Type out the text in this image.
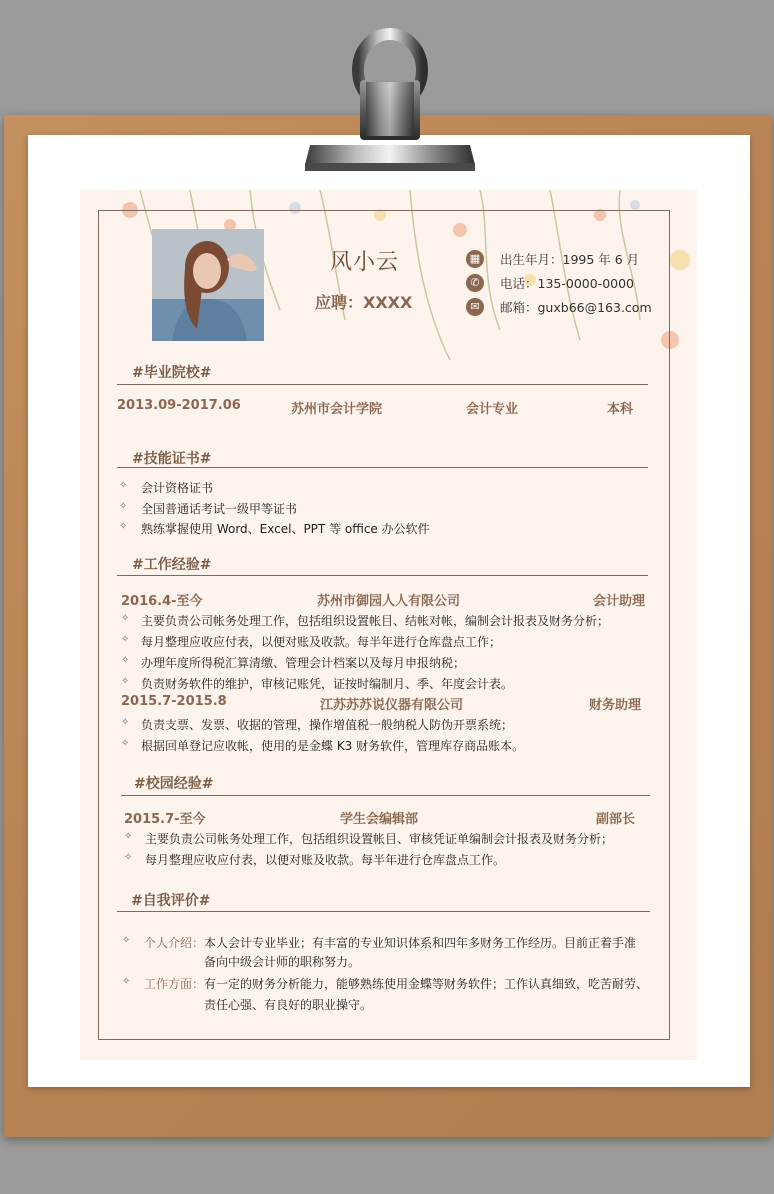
风小云
应聘：XXXX
▦	出生年月：1995 年 6 月
✆	电话：135-0000-0000
✉	邮箱：guxb66@163.com
#毕业院校#
2013.09-2017.06	苏州市会计学院	会计专业	本科
#技能证书#
✧ 会计资格证书
✧ 全国普通话考试一级甲等证书
✧ 熟练掌握使用 Word、Excel、PPT 等 office 办公软件
#工作经验#
2016.4-至今	苏州市御园人人有限公司	会计助理
✧ 主要负责公司帐务处理工作，包括组织设置帐目、结帐对帐，编制会计报表及财务分析；
✧ 每月整理应收应付表，以便对账及收款。每半年进行仓库盘点工作；
✧ 办理年度所得税汇算清缴、管理会计档案以及每月申报纳税；
✧ 负责财务软件的维护，审核记账凭，证按时编制月、季、年度会计表。
2015.7-2015.8	江苏苏苏说仪器有限公司	财务助理
✧ 负责支票、发票、收据的管理，操作增值税一般纳税人防伪开票系统；
✧ 根据回单登记应收帐，使用的是金蝶 K3 财务软件，管理库存商品账本。
#校园经验#
2015.7-至今	学生会编辑部	副部长
✧ 主要负责公司帐务处理工作，包括组织设置帐目、审核凭证单编制会计报表及财务分析；
✧ 每月整理应收应付表，以便对账及收款。每半年进行仓库盘点工作。
#自我评价#
✧ 个人介绍： 本人会计专业毕业；有丰富的专业知识体系和四年多财务工作经历。目前正着手准
备向中级会计师的职称努力。
✧ 工作方面： 有一定的财务分析能力，能够熟练使用金蝶等财务软件；工作认真细致，吃苦耐劳、
责任心强、有良好的职业操守。
